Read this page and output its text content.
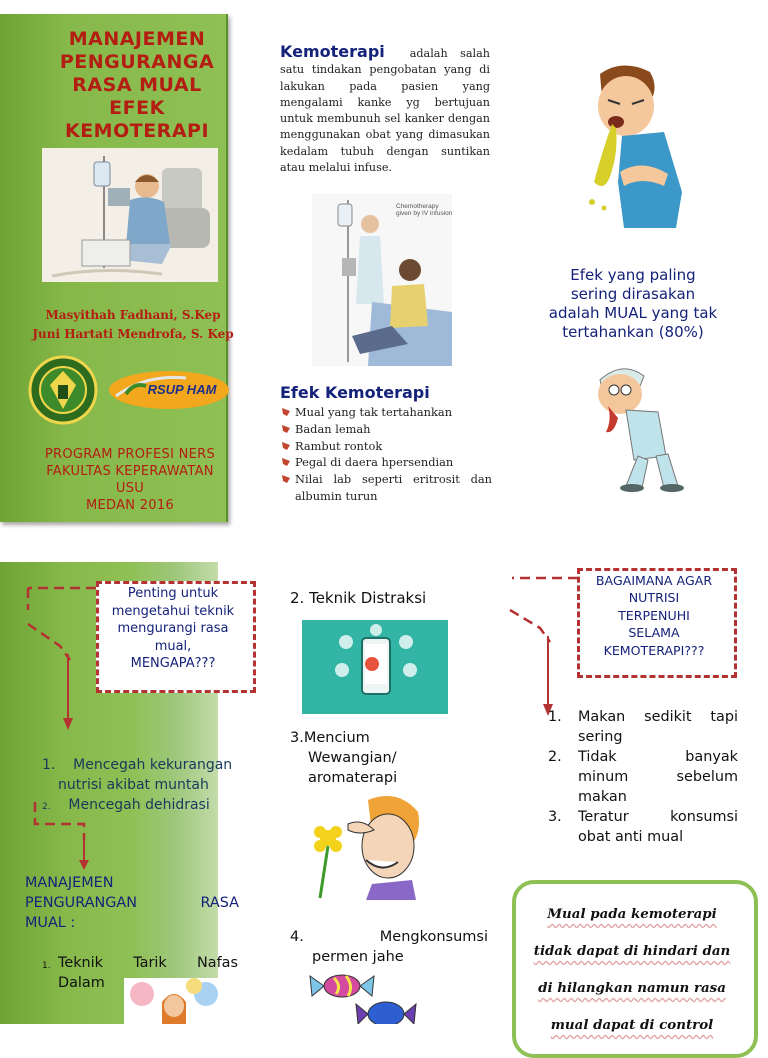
MANAJEMEN
PENGURANGA
RASA MUAL
EFEK
KEMOTERAPI
Masyithah Fadhani, S.Kep
Juni Hartati Mendrofa, S. Kep
RSUP HAM
PROGRAM PROFESI NERS
FAKULTAS KEPERAWATAN
USU
MEDAN 2016
Kemoterapi adalah salah satu tindakan pengobatan yang di lakukan pada pasien yang mengalami kanke yg bertujuan untuk membunuh sel kanker dengan menggunakan obat yang dimasukan kedalam tubuh dengan suntikan atau melalui infuse.
Chemotherapy given by IV infusion
Efek Kemoterapi
Mual yang tak tertahankan
Badan lemah
Rambut rontok
Pegal di daera hpersendian
Nilai lab seperti eritrosit dan albumin turun
Efek yang paling
sering dirasakan
adalah MUAL yang tak
tertahankan (80%)
Penting untuk
mengetahui teknik
mengurangi rasa
mual,
MENGAPA???
1. Mencegah kekurangan
nutrisi akibat muntah
2. Mencegah dehidrasi
MANAJEMEN
PENGURANGAN	RASA
MUAL :
1. Teknik Tarik Nafas
Dalam
2. Teknik Distraksi
3.Mencium
Wewangian/
aromaterapi
4.	Mengkonsumsi
permen jahe
BAGAIMANA AGAR
NUTRISI
TERPENUHI
SELAMA
KEMOTERAPI???
1. Makan sedikit tapi
sering
2. Tidak	banyak
minum	sebelum
makan
3. Teratur	konsumsi
obat anti mual
Mual pada kemoterapi
tidak dapat di hindari dan
di hilangkan namun rasa
mual dapat di control
